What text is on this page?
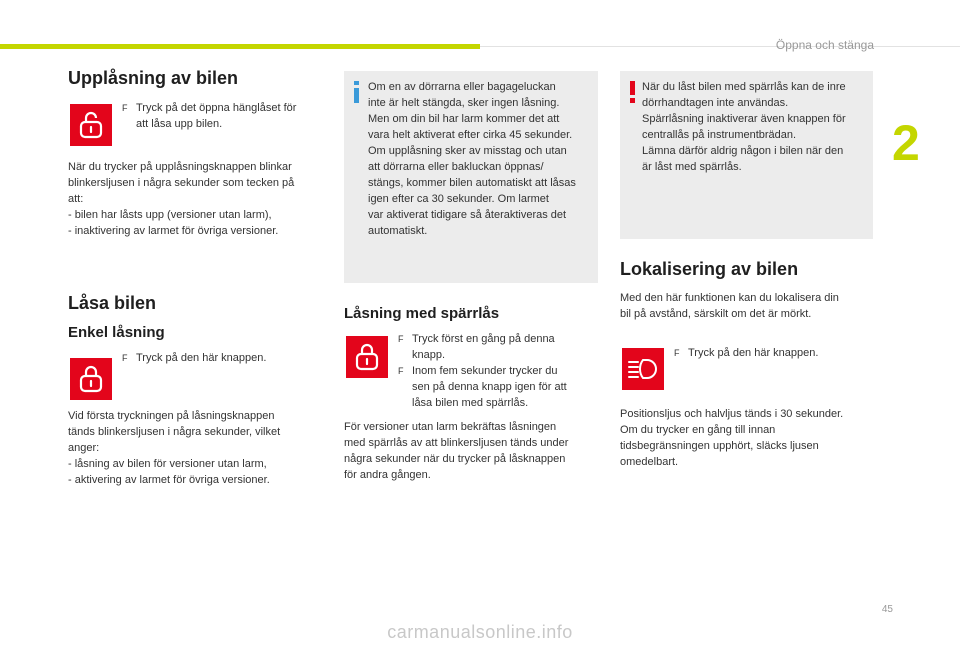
Öppna och stänga
2
Upplåsning av bilen
F Tryck på det öppna hänglåset för
att låsa upp bilen.
När du trycker på upplåsningsknappen blinkar
blinkersljusen i några sekunder som tecken på
att:
- bilen har låsts upp (versioner utan larm),
- inaktivering av larmet för övriga versioner.
Låsa bilen
Enkel låsning
F Tryck på den här knappen.
Vid första tryckningen på låsningsknappen
tänds blinkersljusen i några sekunder, vilket
anger:
- låsning av bilen för versioner utan larm,
- aktivering av larmet för övriga versioner.
Om en av dörrarna eller bagageluckan
inte är helt stängda, sker ingen låsning.
Men om din bil har larm kommer det att
vara helt aktiverat efter cirka 45 sekunder.
Om upplåsning sker av misstag och utan
att dörrarna eller bakluckan öppnas/
stängs, kommer bilen automatiskt att låsas
igen efter ca 30 sekunder. Om larmet
var aktiverat tidigare så återaktiveras det
automatiskt.
Låsning med spärrlås
F Tryck först en gång på denna
knapp.
F Inom fem sekunder trycker du
sen på denna knapp igen för att
låsa bilen med spärrlås.
För versioner utan larm bekräftas låsningen
med spärrlås av att blinkersljusen tänds under
några sekunder när du trycker på låsknappen
för andra gången.
När du låst bilen med spärrlås kan de inre
dörrhandtagen inte användas.
Spärrlåsning inaktiverar även knappen för
centrallås på instrumentbrädan.
Lämna därför aldrig någon i bilen när den
är låst med spärrlås.
Lokalisering av bilen
Med den här funktionen kan du lokalisera din
bil på avstånd, särskilt om det är mörkt.
F Tryck på den här knappen.
Positionsljus och halvljus tänds i 30 sekunder.
Om du trycker en gång till innan
tidsbegränsningen upphört, släcks ljusen
omedelbart.
45
carmanualsonline.info
